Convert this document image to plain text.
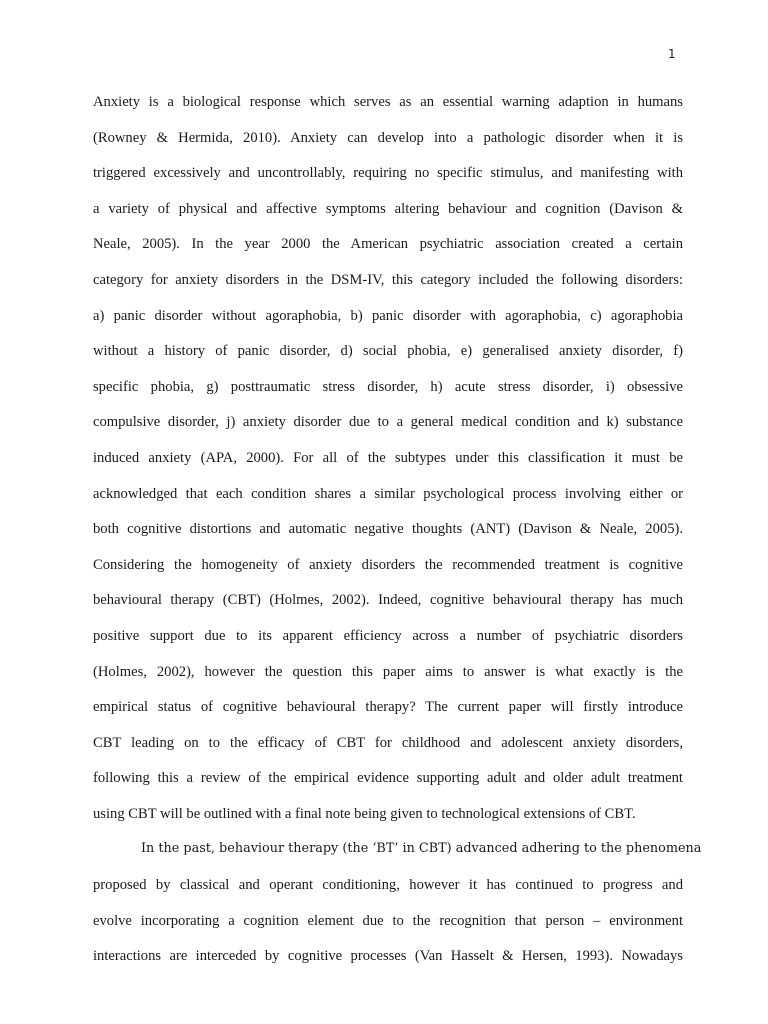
1
Anxiety is a biological response which serves as an essential warning adaption in humans
(Rowney & Hermida, 2010). Anxiety can develop into a pathologic disorder when it is
triggered excessively and uncontrollably, requiring no specific stimulus, and manifesting with
a variety of physical and affective symptoms altering behaviour and cognition (Davison &
Neale, 2005). In the year 2000 the American psychiatric association created a certain
category for anxiety disorders in the DSM-IV, this category included the following disorders:
a) panic disorder without agoraphobia, b) panic disorder with agoraphobia, c) agoraphobia
without a history of panic disorder, d) social phobia, e) generalised anxiety disorder, f)
specific phobia, g) posttraumatic stress disorder, h) acute stress disorder, i) obsessive
compulsive disorder, j) anxiety disorder due to a general medical condition and k) substance
induced anxiety (APA, 2000). For all of the subtypes under this classification it must be
acknowledged that each condition shares a similar psychological process involving either or
both cognitive distortions and automatic negative thoughts (ANT) (Davison & Neale, 2005).
Considering the homogeneity of anxiety disorders the recommended treatment is cognitive
behavioural therapy (CBT) (Holmes, 2002). Indeed, cognitive behavioural therapy has much
positive support due to its apparent efficiency across a number of psychiatric disorders
(Holmes, 2002), however the question this paper aims to answer is what exactly is the
empirical status of cognitive behavioural therapy? The current paper will firstly introduce
CBT leading on to the efficacy of CBT for childhood and adolescent anxiety disorders,
following this a review of the empirical evidence supporting adult and older adult treatment
using CBT will be outlined with a final note being given to technological extensions of CBT.
In the past, behaviour therapy (the ‘BT’ in CBT) advanced adhering to the phenomena
proposed by classical and operant conditioning, however it has continued to progress and
evolve incorporating a cognition element due to the recognition that person – environment
interactions are interceded by cognitive processes (Van Hasselt & Hersen, 1993). Nowadays
